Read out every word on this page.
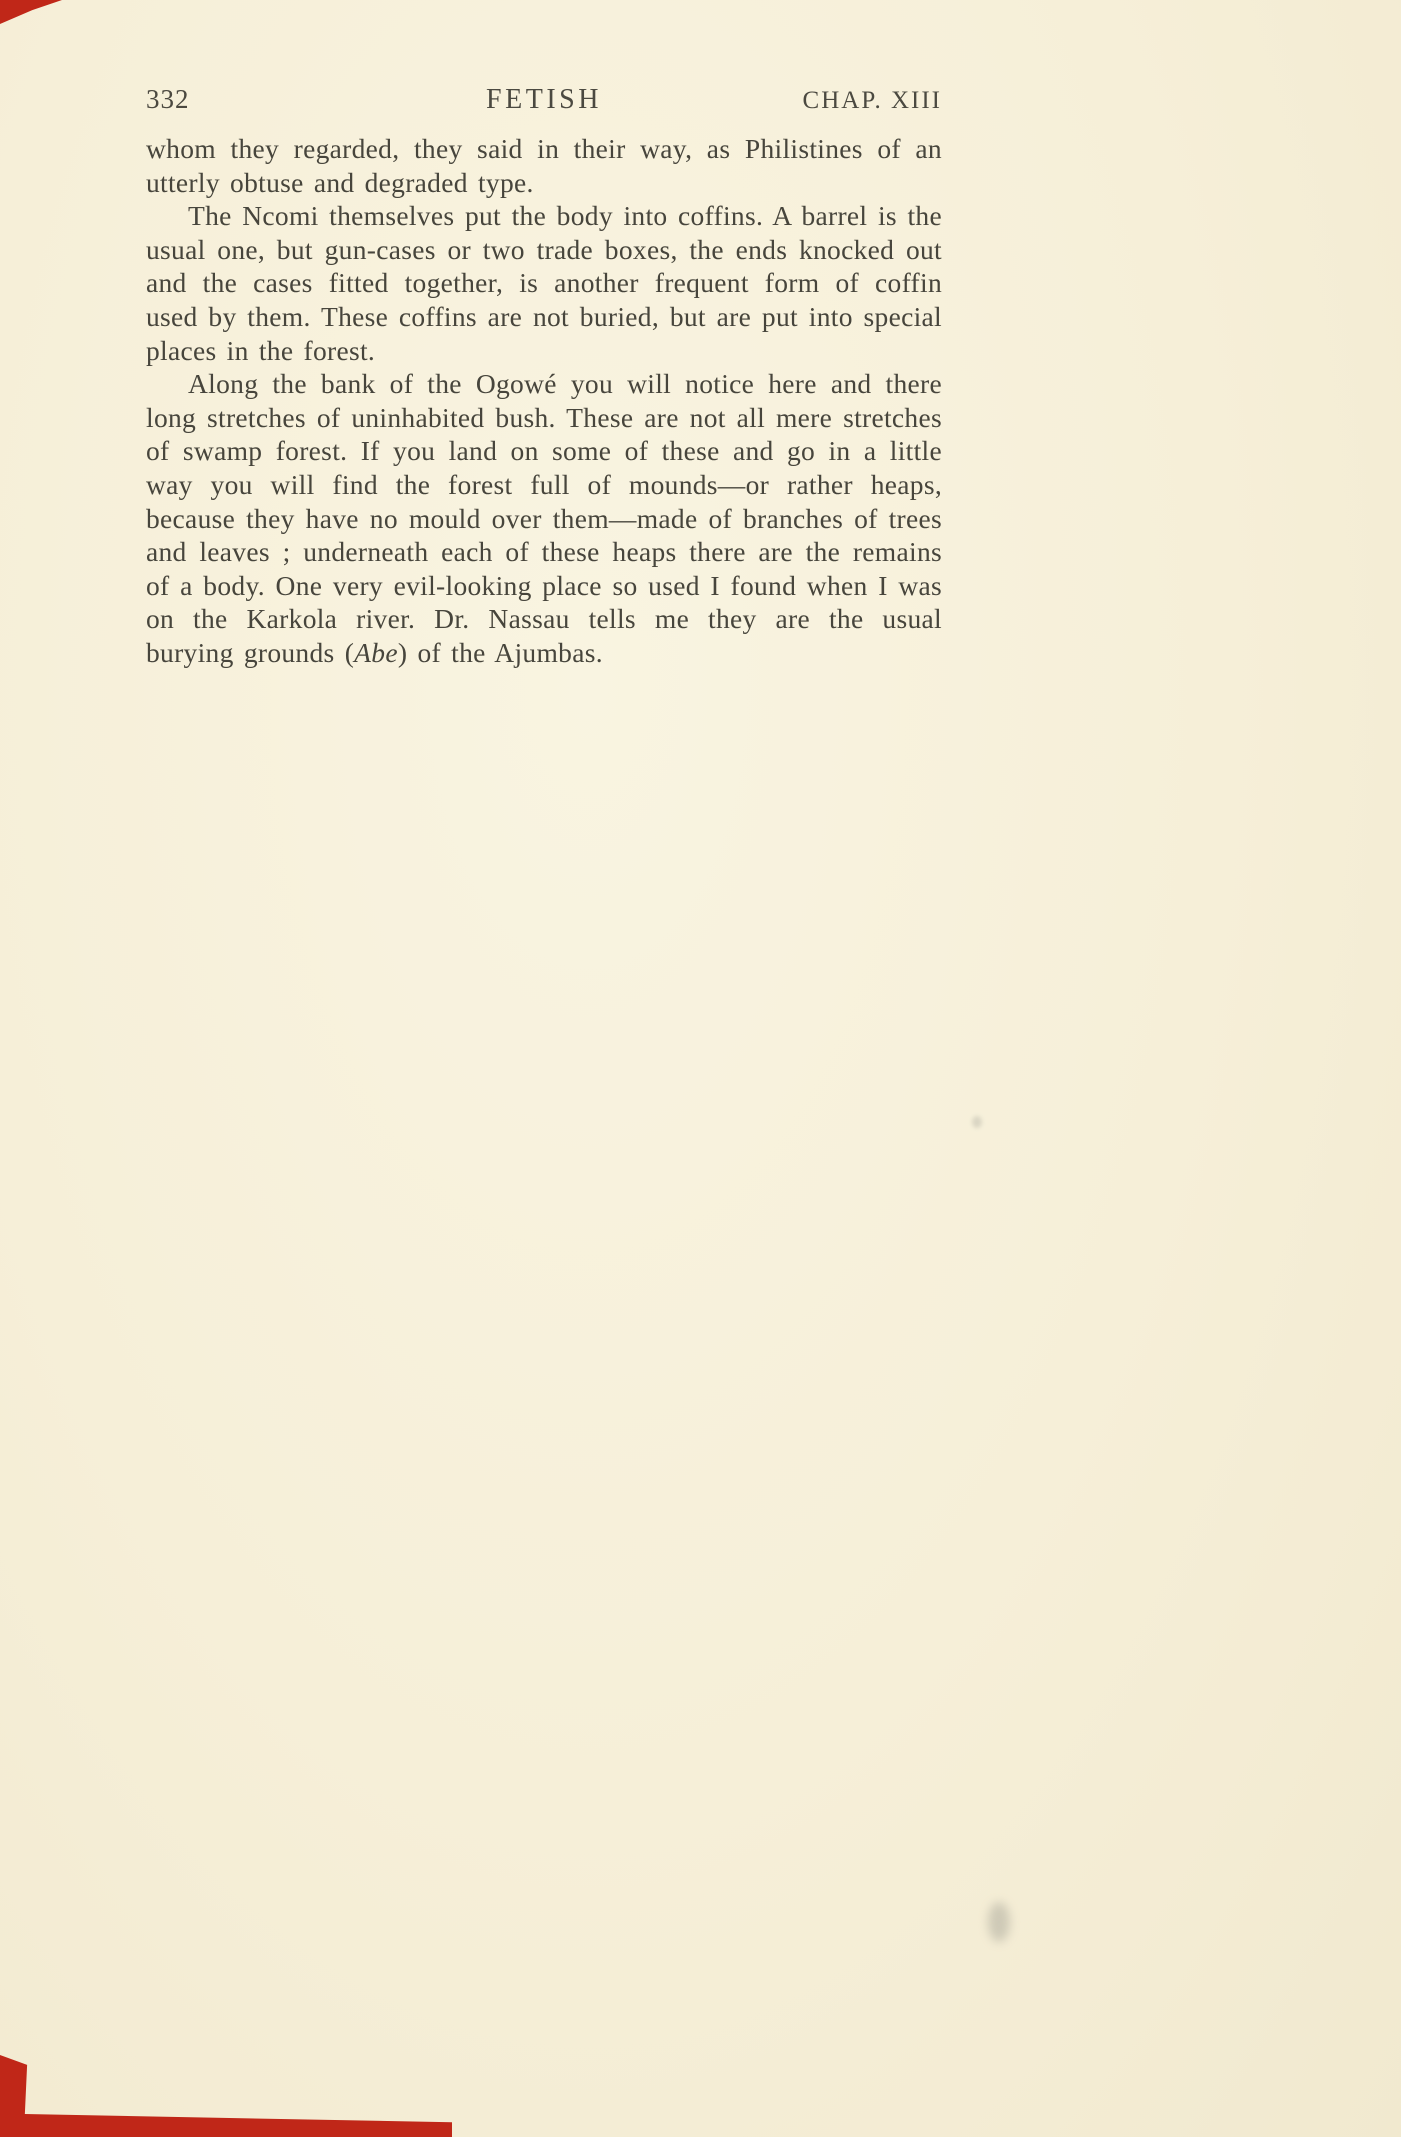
332	FETISH	CHAP. XIII

whom they regarded, they said in their way, as Philistines of an utterly obtuse and degraded type.

The Ncomi themselves put the body into coffins. A barrel is the usual one, but gun-cases or two trade boxes, the ends knocked out and the cases fitted together, is another frequent form of coffin used by them. These coffins are not buried, but are put into special places in the forest.

Along the bank of the Ogowé you will notice here and there long stretches of uninhabited bush. These are not all mere stretches of swamp forest. If you land on some of these and go in a little way you will find the forest full of mounds—or rather heaps, because they have no mould over them—made of branches of trees and leaves ; underneath each of these heaps there are the remains of a body. One very evil-looking place so used I found when I was on the Karkola river. Dr. Nassau tells me they are the usual burying grounds (Abe) of the Ajumbas.
